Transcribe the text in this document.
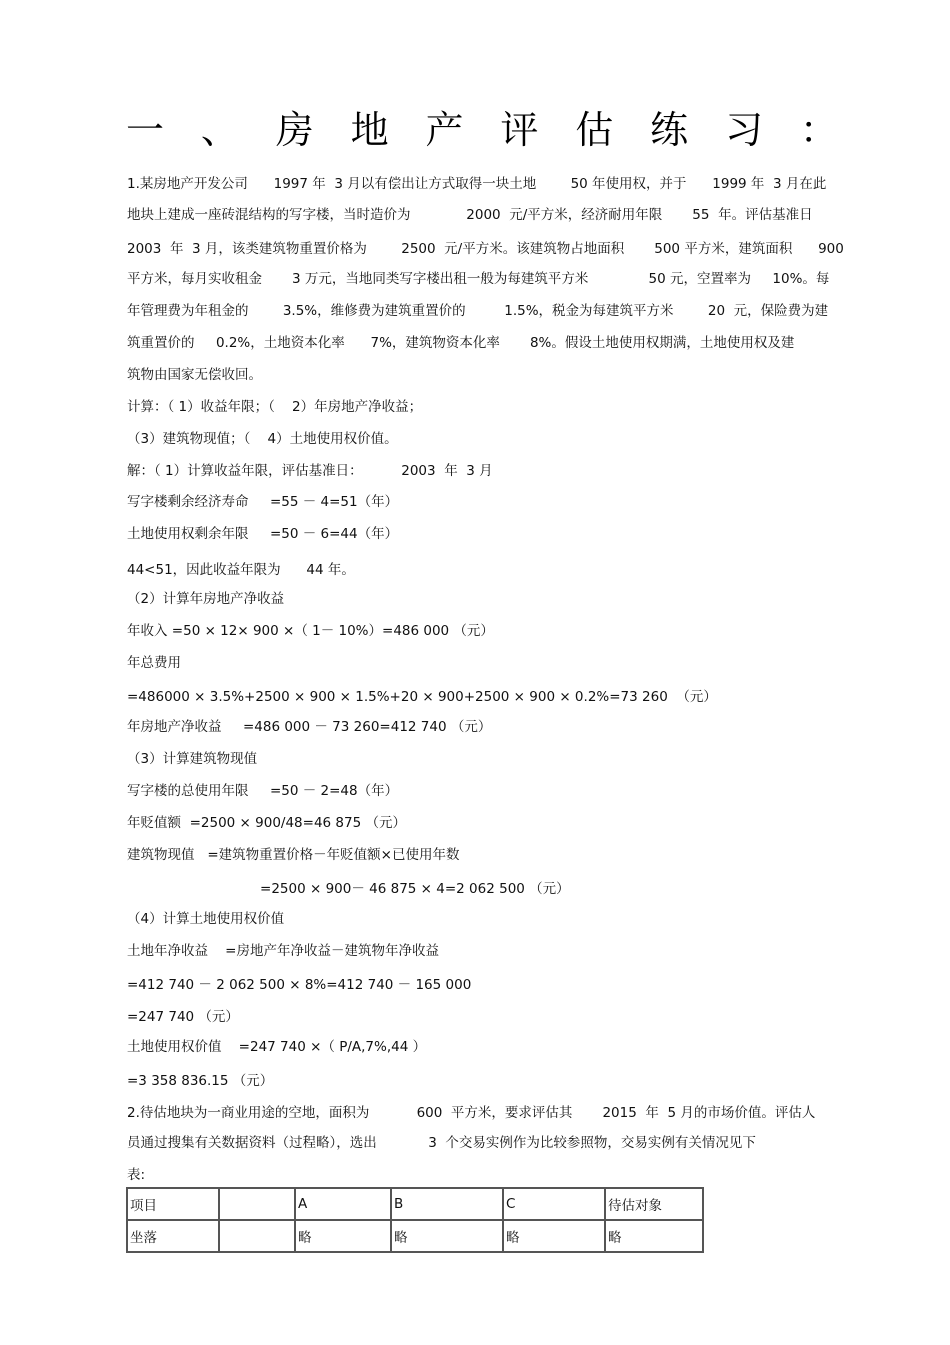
一 、 房 地 产 评 估 练 习 ：
1.某房地产开发公司      1997 年  3 月以有偿出让方式取得一块土地        50 年使用权，并于      1999 年  3 月在此
地块上建成一座砖混结构的写字楼，当时造价为             2000  元/平方米，经济耐用年限       55  年。评估基准日
2003  年  3 月，该类建筑物重置价格为        2500  元/平方米。该建筑物占地面积       500 平方米，建筑面积      900
平方米，每月实收租金       3 万元，当地同类写字楼出租一般为每建筑平方米              50 元，空置率为     10%。每
年管理费为年租金的        3.5%，维修费为建筑重置价的         1.5%，税金为每建筑平方米        20  元，保险费为建
筑重置价的     0.2%，土地资本化率      7%，建筑物资本化率       8%。假设土地使用权期满，土地使用权及建
筑物由国家无偿收回。
计算：（ 1）收益年限；（    2）年房地产净收益；
（3）建筑物现值；（    4）土地使用权价值。
解：（ 1）计算收益年限，评估基准日：         2003  年  3 月
写字楼剩余经济寿命     =55 － 4=51（年）
土地使用权剩余年限     =50 － 6=44（年）
44<51，因此收益年限为      44 年。
（2）计算年房地产净收益
年收入 =50 × 12× 900 ×（ 1－ 10%）=486 000 （元）
年总费用
=486000 × 3.5%+2500 × 900 × 1.5%+20 × 900+2500 × 900 × 0.2%=73 260  （元）
年房地产净收益     =486 000 － 73 260=412 740 （元）
（3）计算建筑物现值
写字楼的总使用年限     =50 － 2=48（年）
年贬值额  =2500 × 900/48=46 875 （元）
建筑物现值   =建筑物重置价格－年贬值额×已使用年数
=2500 × 900－ 46 875 × 4=2 062 500 （元）
（4）计算土地使用权价值
土地年净收益    =房地产年净收益－建筑物年净收益
=412 740 － 2 062 500 × 8%=412 740 － 165 000
=247 740 （元）
土地使用权价值    =247 740 ×（ P/A,7%,44 ）
=3 358 836.15 （元）
2.待估地块为一商业用途的空地，面积为           600  平方米，要求评估其       2015  年  5 月的市场价值。评估人
员通过搜集有关数据资料（过程略），选出            3  个交易实例作为比较参照物，交易实例有关情况见下
表:
项目		A	B	C	待估对象
坐落		略	略	略	略
